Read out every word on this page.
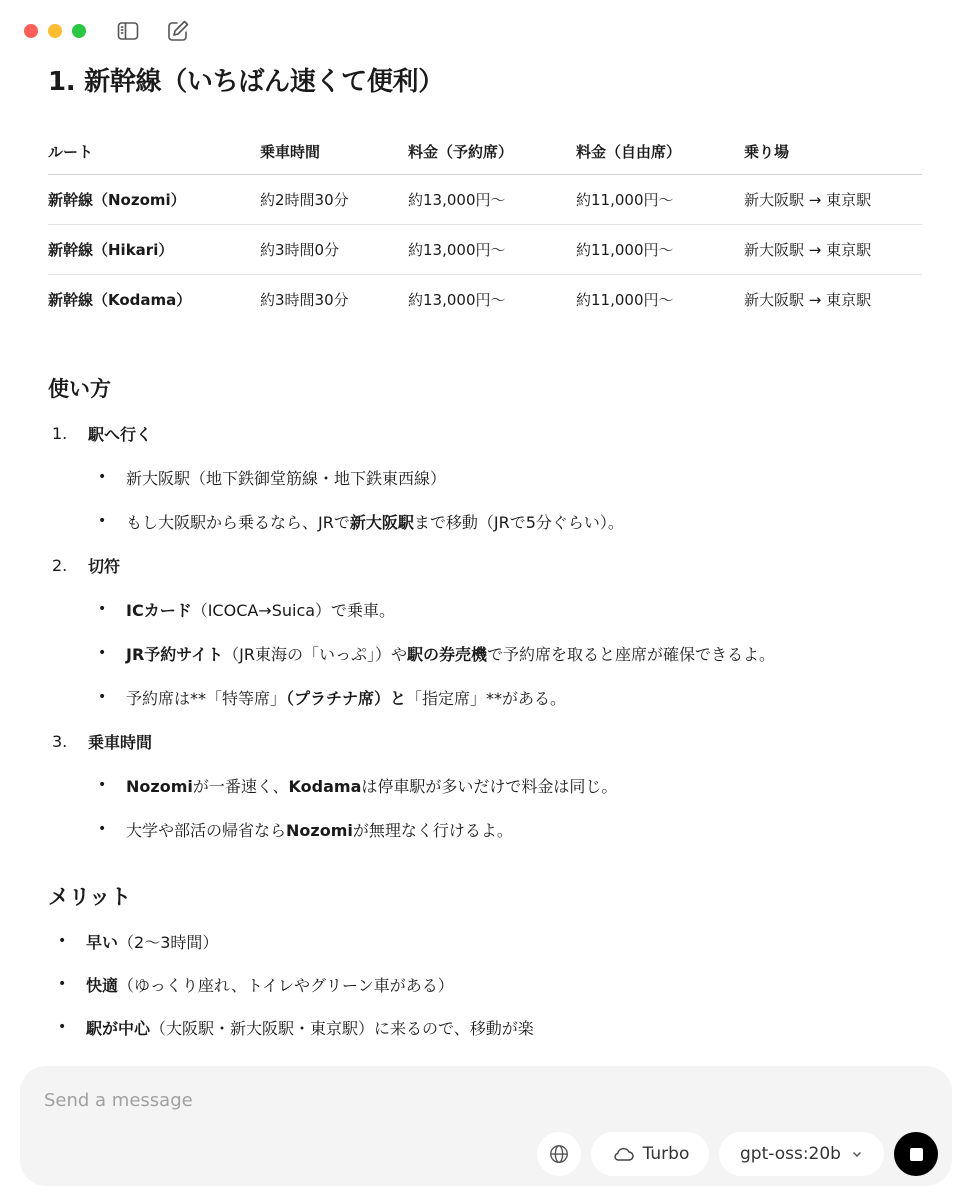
1. 新幹線（いちばん速くて便利）
ルート	乗車時間	料金（予約席）	料金（自由席）	乗り場
新幹線（Nozomi）	約2時間30分	約13,000円〜	約11,000円〜	新大阪駅 → 東京駅
新幹線（Hikari）	約3時間0分	約13,000円〜	約11,000円〜	新大阪駅 → 東京駅
新幹線（Kodama）	約3時間30分	約13,000円〜	約11,000円〜	新大阪駅 → 東京駅
使い方
1.	駅へ行く
•	新大阪駅（地下鉄御堂筋線・地下鉄東西線）
•	もし大阪駅から乗るなら、JRで新大阪駅まで移動（JRで5分ぐらい）。
2.	切符
•	ICカード（ICOCA→Suica）で乗車。
•	JR予約サイト（JR東海の「いっぷ」）や駅の券売機で予約席を取ると座席が確保できるよ。
•	予約席は**「特等席」（プラチナ席）と「指定席」**がある。
3.	乗車時間
•	Nozomiが一番速く、Kodamaは停車駅が多いだけで料金は同じ。
•	大学や部活の帰省ならNozomiが無理なく行けるよ。
メリット
•	早い（2〜3時間）
•	快適（ゆっくり座れ、トイレやグリーン車がある）
•	駅が中心（大阪駅・新大阪駅・東京駅）に来るので、移動が楽
Send a message
Turbo	gpt-oss:20b
